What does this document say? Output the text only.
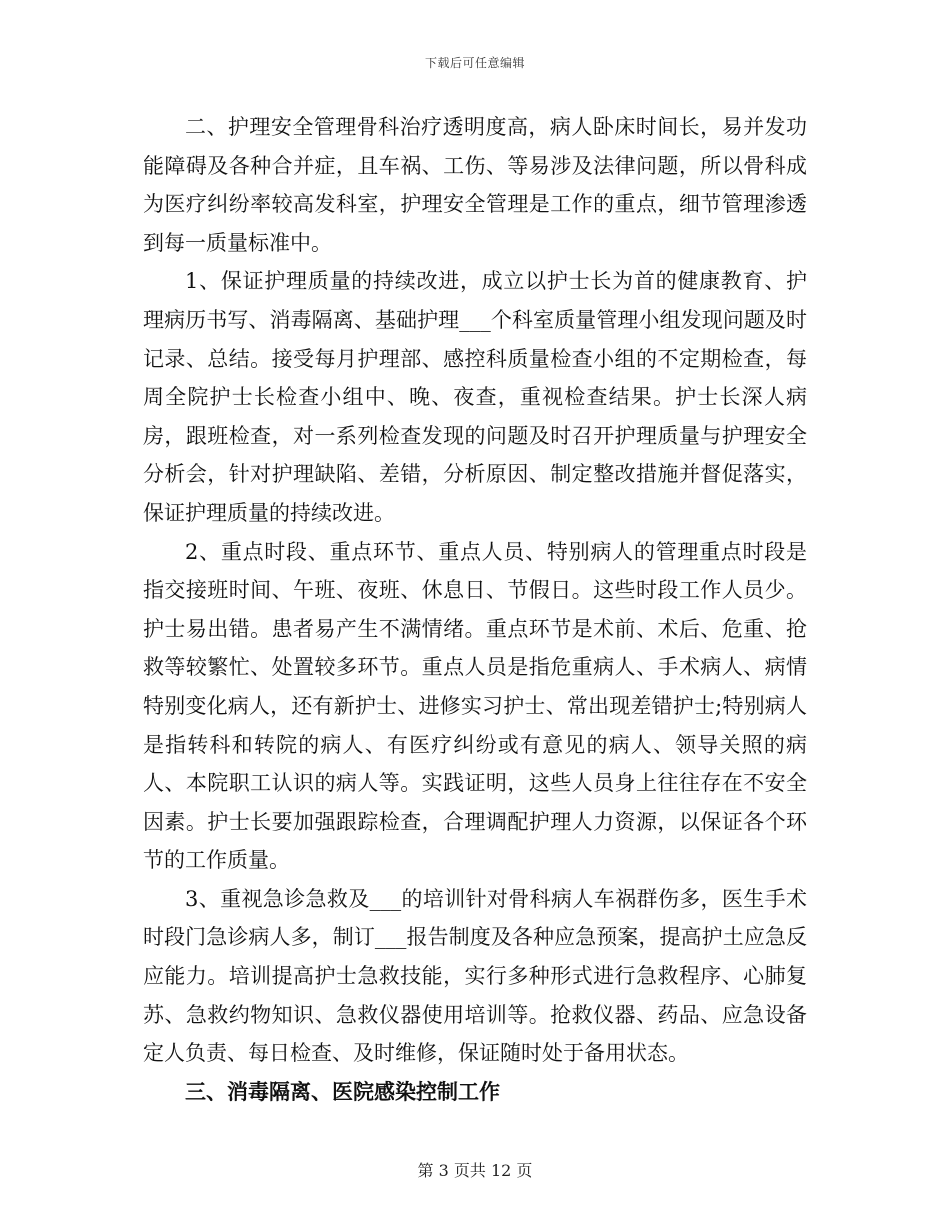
下载后可任意编辑

二、护理安全管理骨科治疗透明度高，病人卧床时间长，易并发功能障碍及各种合并症，且车祸、工伤、等易涉及法律问题，所以骨科成为医疗纠纷率较高发科室，护理安全管理是工作的重点，细节管理渗透到每一质量标准中。

1、保证护理质量的持续改进，成立以护士长为首的健康教育、护理病历书写、消毒隔离、基础护理___个科室质量管理小组发现问题及时记录、总结。接受每月护理部、感控科质量检查小组的不定期检查，每周全院护士长检查小组中、晚、夜查，重视检查结果。护士长深人病房，跟班检查，对一系列检查发现的问题及时召开护理质量与护理安全分析会，针对护理缺陷、差错，分析原因、制定整改措施并督促落实，保证护理质量的持续改进。

2、重点时段、重点环节、重点人员、特别病人的管理重点时段是指交接班时间、午班、夜班、休息日、节假日。这些时段工作人员少。护士易出错。患者易产生不满情绪。重点环节是术前、术后、危重、抢救等较繁忙、处置较多环节。重点人员是指危重病人、手术病人、病情特别变化病人，还有新护士、进修实习护士、常出现差错护士;特别病人是指转科和转院的病人、有医疗纠纷或有意见的病人、领导关照的病人、本院职工认识的病人等。实践证明，这些人员身上往往存在不安全因素。护士长要加强跟踪检查，合理调配护理人力资源，以保证各个环节的工作质量。

3、重视急诊急救及___的培训针对骨科病人车祸群伤多，医生手术时段门急诊病人多，制订___报告制度及各种应急预案，提高护土应急反应能力。培训提高护士急救技能，实行多种形式进行急救程序、心肺复苏、急救约物知识、急救仪器使用培训等。抢救仪器、药品、应急设备定人负责、每日检查、及时维修，保证随时处于备用状态。

三、消毒隔离、医院感染控制工作

第 3 页共 12 页
